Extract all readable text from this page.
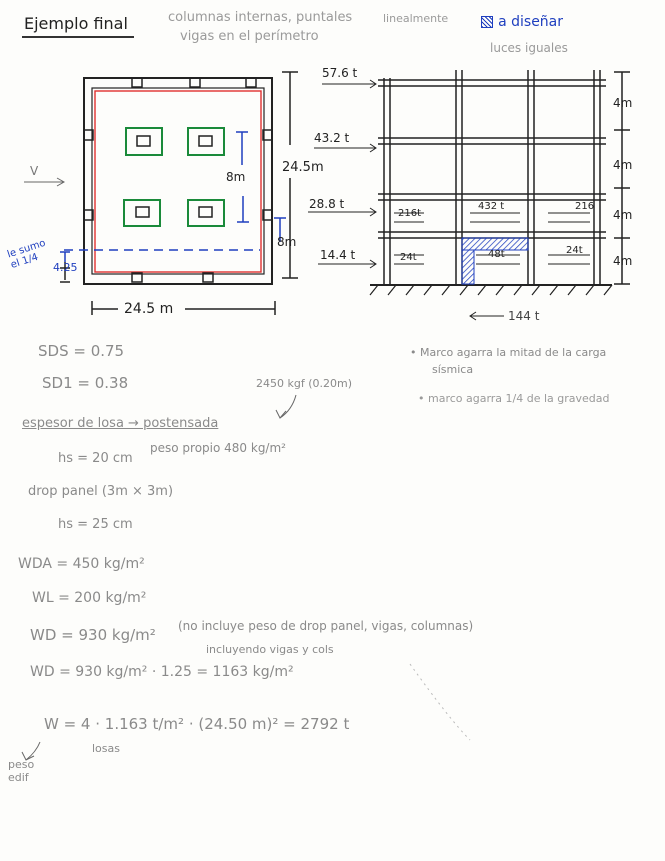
Ejemplo final	columnas internas, puntales
vigas en el perímetro
linealmente	a diseñar
luces iguales
24.5m
8m
8m
4.25
24.5 m
V
le sumo el 1/4
57.6 t
43.2 t
28.8 t
14.4 t
4m
4m
4m
4m
216t
432 t	216
24t	48t	24t
144 t
SDS = 0.75
SD1 = 0.38
• Marco agarra la mitad de la carga
sísmica
• marco agarra 1/4 de la gravedad
2450 kgf (0.20m)
espesor de losa → postensada
hs = 20 cm
peso propio 480 kg/m²
drop panel (3m × 3m)
hs = 25 cm
WDA = 450 kg/m²
WL = 200 kg/m²
WD = 930 kg/m² (no incluye peso de drop panel, vigas, columnas)
incluyendo vigas y cols
WD = 930 kg/m² · 1.25 = 1163 kg/m²
W = 4 · 1.163 t/m² · (24.50 m)² = 2792 t
losas
peso edif
